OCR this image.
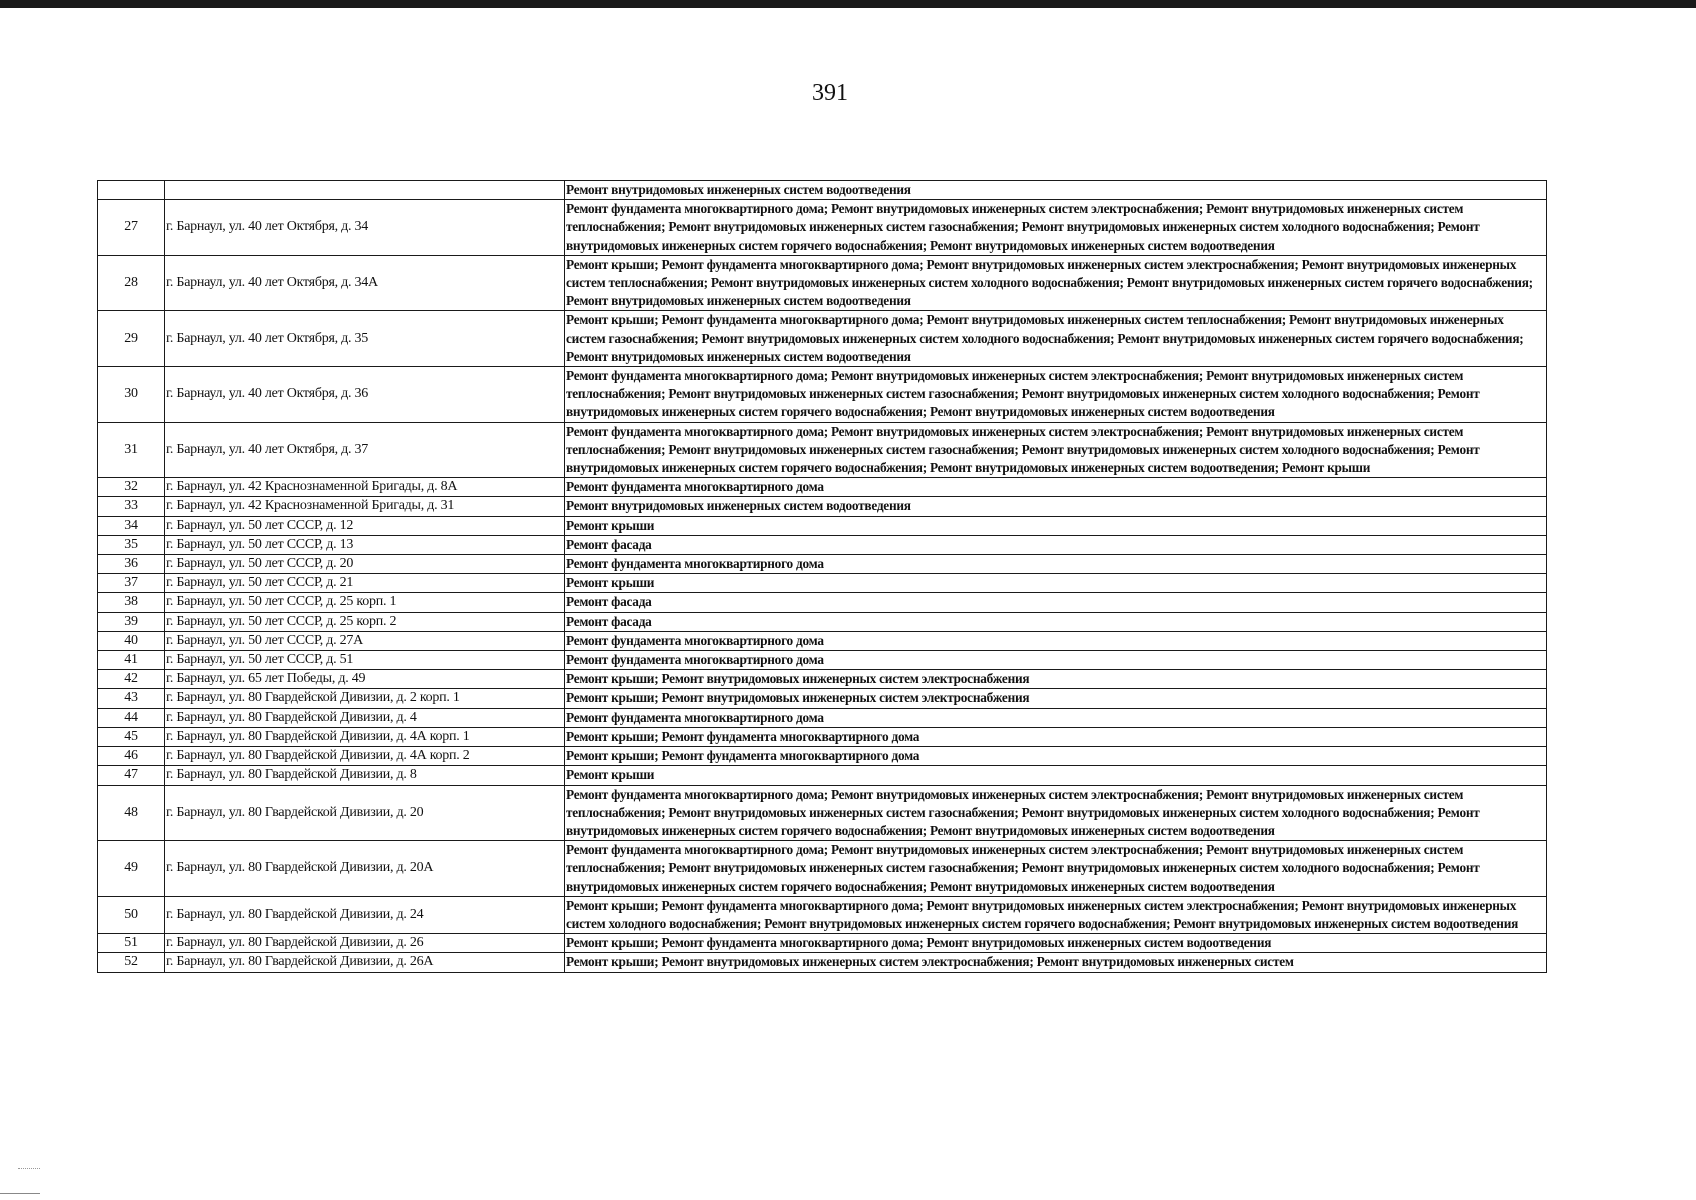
391
		Ремонт внутридомовых инженерных систем водоотведения
27	г. Барнаул, ул. 40 лет Октября, д. 34	Ремонт фундамента многоквартирного дома; Ремонт внутридомовых инженерных систем электроснабжения; Ремонт внутридомовых инженерных систем теплоснабжения; Ремонт внутридомовых инженерных систем газоснабжения; Ремонт внутридомовых инженерных систем холодного водоснабжения; Ремонт внутридомовых инженерных систем горячего водоснабжения; Ремонт внутридомовых инженерных систем водоотведения
28	г. Барнаул, ул. 40 лет Октября, д. 34А	Ремонт крыши; Ремонт фундамента многоквартирного дома; Ремонт внутридомовых инженерных систем электроснабжения; Ремонт внутридомовых инженерных систем теплоснабжения; Ремонт внутридомовых инженерных систем холодного водоснабжения; Ремонт внутридомовых инженерных систем горячего водоснабжения; Ремонт внутридомовых инженерных систем водоотведения
29	г. Барнаул, ул. 40 лет Октября, д. 35	Ремонт крыши; Ремонт фундамента многоквартирного дома; Ремонт внутридомовых инженерных систем теплоснабжения; Ремонт внутридомовых инженерных систем газоснабжения; Ремонт внутридомовых инженерных систем холодного водоснабжения; Ремонт внутридомовых инженерных систем горячего водоснабжения; Ремонт внутридомовых инженерных систем водоотведения
30	г. Барнаул, ул. 40 лет Октября, д. 36	Ремонт фундамента многоквартирного дома; Ремонт внутридомовых инженерных систем электроснабжения; Ремонт внутридомовых инженерных систем теплоснабжения; Ремонт внутридомовых инженерных систем газоснабжения; Ремонт внутридомовых инженерных систем холодного водоснабжения; Ремонт внутридомовых инженерных систем горячего водоснабжения; Ремонт внутридомовых инженерных систем водоотведения
31	г. Барнаул, ул. 40 лет Октября, д. 37	Ремонт фундамента многоквартирного дома; Ремонт внутридомовых инженерных систем электроснабжения; Ремонт внутридомовых инженерных систем теплоснабжения; Ремонт внутридомовых инженерных систем газоснабжения; Ремонт внутридомовых инженерных систем холодного водоснабжения; Ремонт внутридомовых инженерных систем горячего водоснабжения; Ремонт внутридомовых инженерных систем водоотведения; Ремонт крыши
32	г. Барнаул, ул. 42 Краснознаменной Бригады, д. 8А	Ремонт фундамента многоквартирного дома
33	г. Барнаул, ул. 42 Краснознаменной Бригады, д. 31	Ремонт внутридомовых инженерных систем водоотведения
34	г. Барнаул, ул. 50 лет СССР, д. 12	Ремонт крыши
35	г. Барнаул, ул. 50 лет СССР, д. 13	Ремонт фасада
36	г. Барнаул, ул. 50 лет СССР, д. 20	Ремонт фундамента многоквартирного дома
37	г. Барнаул, ул. 50 лет СССР, д. 21	Ремонт крыши
38	г. Барнаул, ул. 50 лет СССР, д. 25 корп. 1	Ремонт фасада
39	г. Барнаул, ул. 50 лет СССР, д. 25 корп. 2	Ремонт фасада
40	г. Барнаул, ул. 50 лет СССР, д. 27А	Ремонт фундамента многоквартирного дома
41	г. Барнаул, ул. 50 лет СССР, д. 51	Ремонт фундамента многоквартирного дома
42	г. Барнаул, ул. 65 лет Победы, д. 49	Ремонт крыши; Ремонт внутридомовых инженерных систем электроснабжения
43	г. Барнаул, ул. 80 Гвардейской Дивизии, д. 2 корп. 1	Ремонт крыши; Ремонт внутридомовых инженерных систем электроснабжения
44	г. Барнаул, ул. 80 Гвардейской Дивизии, д. 4	Ремонт фундамента многоквартирного дома
45	г. Барнаул, ул. 80 Гвардейской Дивизии, д. 4А корп. 1	Ремонт крыши; Ремонт фундамента многоквартирного дома
46	г. Барнаул, ул. 80 Гвардейской Дивизии, д. 4А корп. 2	Ремонт крыши; Ремонт фундамента многоквартирного дома
47	г. Барнаул, ул. 80 Гвардейской Дивизии, д. 8	Ремонт крыши
48	г. Барнаул, ул. 80 Гвардейской Дивизии, д. 20	Ремонт фундамента многоквартирного дома; Ремонт внутридомовых инженерных систем электроснабжения; Ремонт внутридомовых инженерных систем теплоснабжения; Ремонт внутридомовых инженерных систем газоснабжения; Ремонт внутридомовых инженерных систем холодного водоснабжения; Ремонт внутридомовых инженерных систем горячего водоснабжения; Ремонт внутридомовых инженерных систем водоотведения
49	г. Барнаул, ул. 80 Гвардейской Дивизии, д. 20А	Ремонт фундамента многоквартирного дома; Ремонт внутридомовых инженерных систем электроснабжения; Ремонт внутридомовых инженерных систем теплоснабжения; Ремонт внутридомовых инженерных систем газоснабжения; Ремонт внутридомовых инженерных систем холодного водоснабжения; Ремонт внутридомовых инженерных систем горячего водоснабжения; Ремонт внутридомовых инженерных систем водоотведения
50	г. Барнаул, ул. 80 Гвардейской Дивизии, д. 24	Ремонт крыши; Ремонт фундамента многоквартирного дома; Ремонт внутридомовых инженерных систем электроснабжения; Ремонт внутридомовых инженерных систем холодного водоснабжения; Ремонт внутридомовых инженерных систем горячего водоснабжения; Ремонт внутридомовых инженерных систем водоотведения
51	г. Барнаул, ул. 80 Гвардейской Дивизии, д. 26	Ремонт крыши; Ремонт фундамента многоквартирного дома; Ремонт внутридомовых инженерных систем водоотведения
52	г. Барнаул, ул. 80 Гвардейской Дивизии, д. 26А	Ремонт крыши; Ремонт внутридомовых инженерных систем электроснабжения; Ремонт внутридомовых инженерных систем
